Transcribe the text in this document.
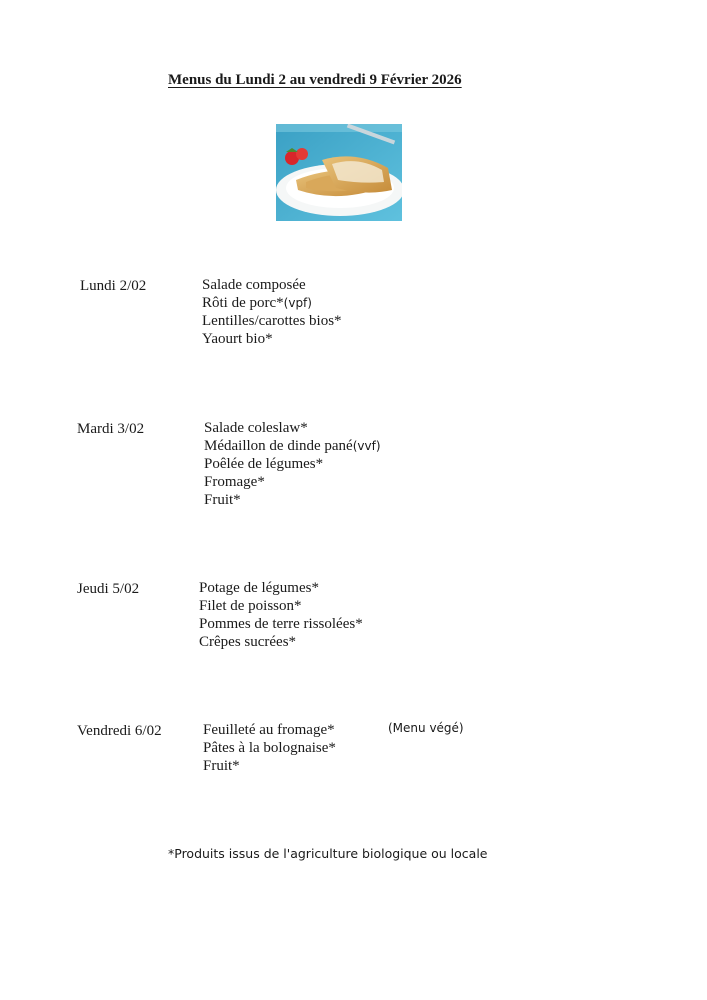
Menus du Lundi 2 au vendredi 9 Février 2026
Lundi 2/02	Salade composée
Rôti de porc*(vpf)
Lentilles/carottes bios*
Yaourt bio*
Mardi 3/02	Salade coleslaw*
Médaillon de dinde pané(vvf)
Poêlée de légumes*
Fromage*
Fruit*
Jeudi 5/02	Potage de légumes*
Filet de poisson*
Pommes de terre rissolées*
Crêpes sucrées*
Vendredi 6/02	Feuilleté au fromage*
Pâtes à la bolognaise*
Fruit*
(Menu végé)
*Produits issus de l'agriculture biologique ou locale
